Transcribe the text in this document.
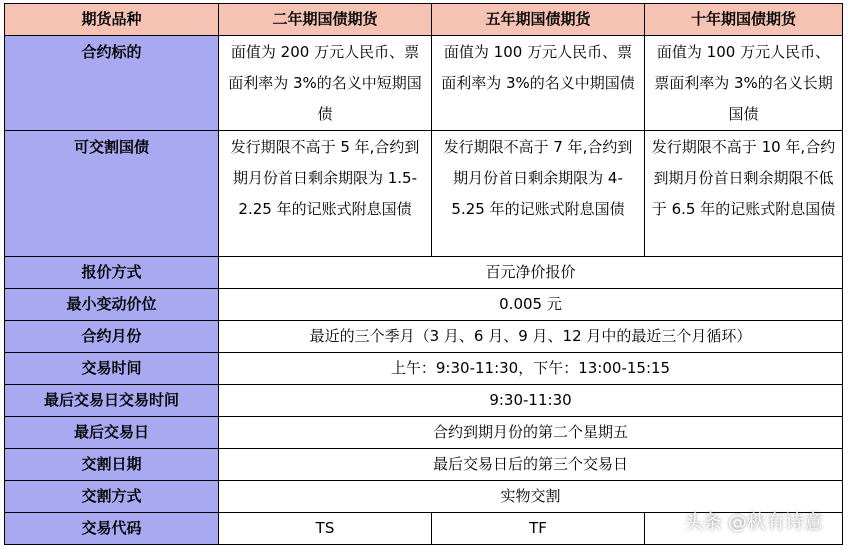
期货品种	二年期国债期货	五年期国债期货	十年期国债期货
合约标的	面值为 200 万元人民币、票面利率为 3%的名义中短期国债	面值为 100 万元人民币、票面利率为 3%的名义中期国债	面值为 100 万元人民币、票面利率为 3%的名义长期国债
可交割国债	发行期限不高于 5 年,合约到期月份首日剩余期限为 1.5-2.25 年的记账式附息国债	发行期限不高于 7 年,合约到期月份首日剩余期限为 4-5.25 年的记账式附息国债	发行期限不高于 10 年,合约到期月份首日剩余期限不低于 6.5 年的记账式附息国债
报价方式	百元净价报价		
最小变动价位	0.005 元		
合约月份	最近的三个季月（3 月、6 月、9 月、12 月中的最近三个月循环）		
交易时间	上午：9:30-11:30，下午：13:00-15:15		
最后交易日交易时间	9:30-11:30		
最后交易日	合约到期月份的第二个星期五		
交割日期	最后交易日后的第三个交易日		
交割方式	实物交割		
交易代码	TS	TF		头条 @秋有诗意
